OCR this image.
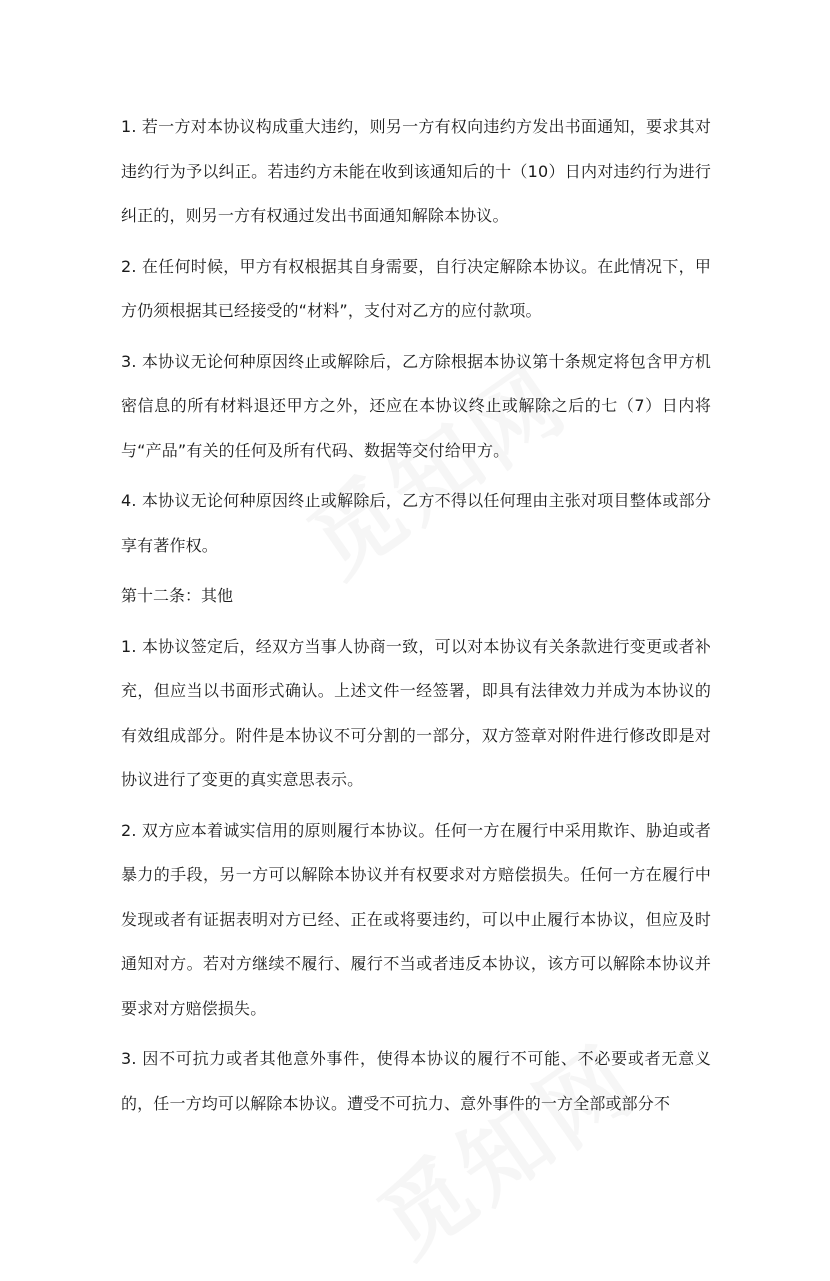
1. 若一方对本协议构成重大违约，则另一方有权向违约方发出书面通知，要求其对违约行为予以纠正。若违约方未能在收到该通知后的十（10）日内对违约行为进行纠正的，则另一方有权通过发出书面通知解除本协议。

2. 在任何时候，甲方有权根据其自身需要，自行决定解除本协议。在此情况下，甲方仍须根据其已经接受的“材料”，支付对乙方的应付款项。

3. 本协议无论何种原因终止或解除后，乙方除根据本协议第十条规定将包含甲方机密信息的所有材料退还甲方之外，还应在本协议终止或解除之后的七（7）日内将与“产品”有关的任何及所有代码、数据等交付给甲方。

4. 本协议无论何种原因终止或解除后，乙方不得以任何理由主张对项目整体或部分享有著作权。

第十二条：其他

1. 本协议签定后，经双方当事人协商一致，可以对本协议有关条款进行变更或者补充，但应当以书面形式确认。上述文件一经签署，即具有法律效力并成为本协议的有效组成部分。附件是本协议不可分割的一部分，双方签章对附件进行修改即是对协议进行了变更的真实意思表示。

2. 双方应本着诚实信用的原则履行本协议。任何一方在履行中采用欺诈、胁迫或者暴力的手段，另一方可以解除本协议并有权要求对方赔偿损失。任何一方在履行中发现或者有证据表明对方已经、正在或将要违约，可以中止履行本协议，但应及时通知对方。若对方继续不履行、履行不当或者违反本协议，该方可以解除本协议并要求对方赔偿损失。

3. 因不可抗力或者其他意外事件，使得本协议的履行不可能、不必要或者无意义的，任一方均可以解除本协议。遭受不可抗力、意外事件的一方全部或部分不
